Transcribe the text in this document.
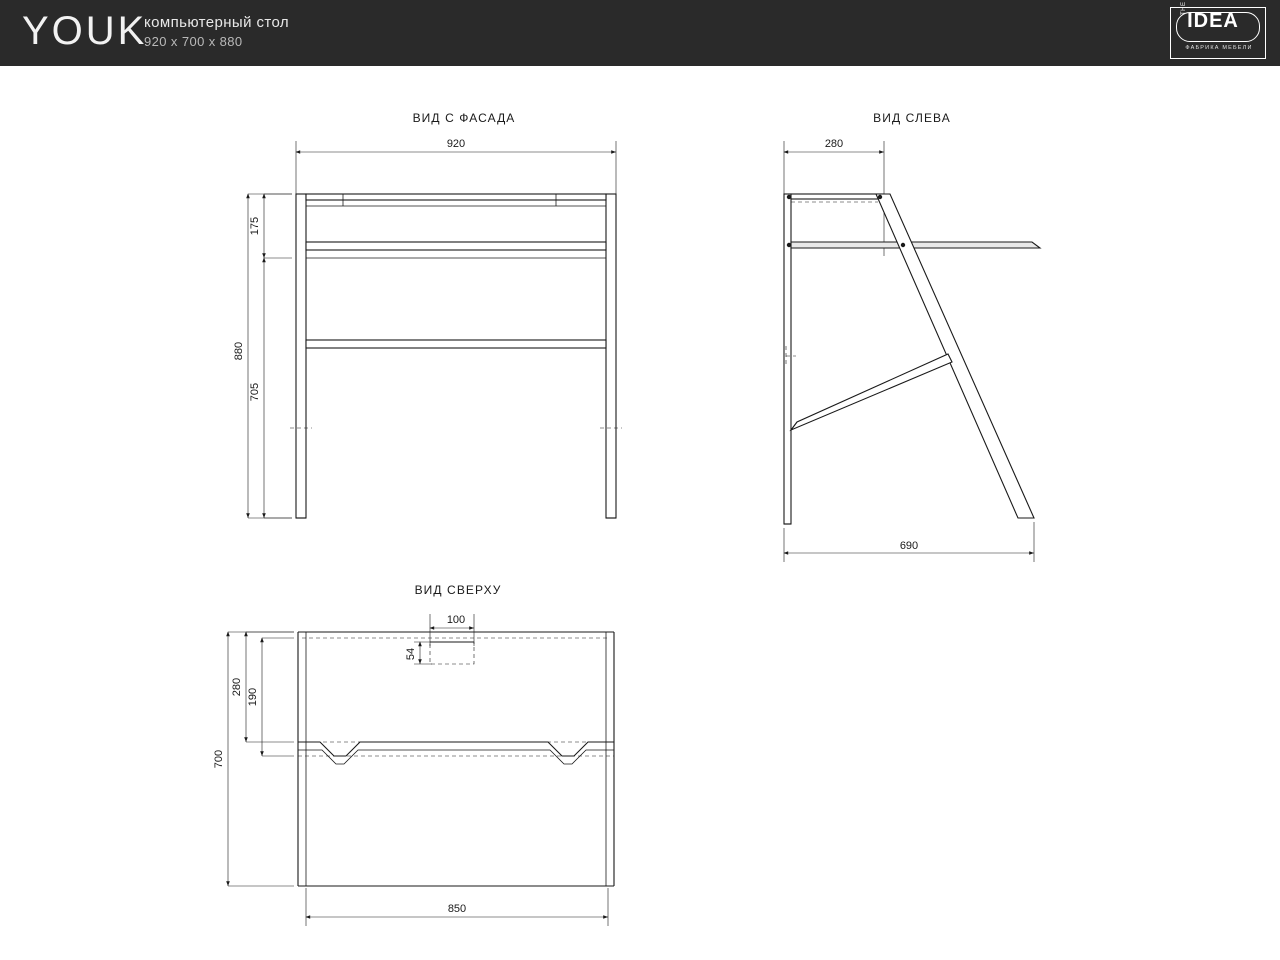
YOUK
компьютерный стол
920 x 700 x 880
IDEA
THE
ФАБРИКА МЕБЕЛИ
ВИД С ФАСАДА
920
880
175
705
ВИД СЛЕВА
280
690
ВИД СВЕРХУ
100
54
190
280
700
850
